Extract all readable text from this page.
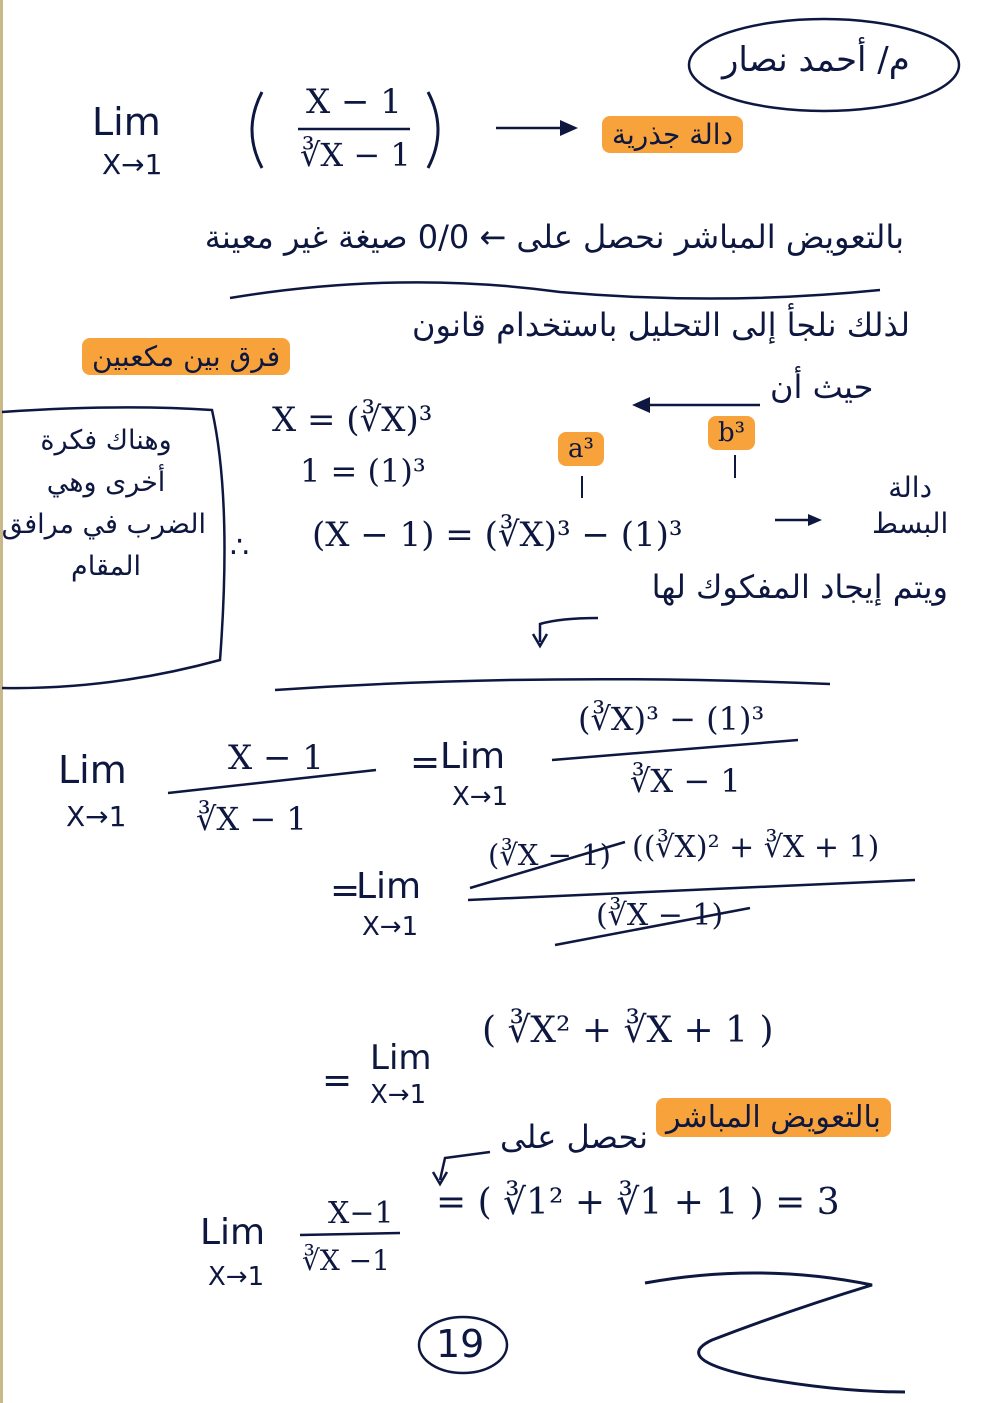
م/ أحمد نصار
Lim
X→1
X − 1
∛X − 1
دالة جذرية
بالتعويض المباشر نحصل على ← 0/0 صيغة غير معينة
لذلك نلجأ إلى التحليل باستخدام قانون
فرق بين مكعبين
حيث أن
وهناك فكرة
أخرى وهي
الضرب في مرافق
المقام
X = (∛X)³
1 = (1)³
(X − 1) = (∛X)³ − (1)³
∴
a³
b³
دالة
البسط
ويتم إيجاد المفكوك لها
Lim
X→1
X − 1
∛X − 1
= Lim
X→1
(∛X)³ − (1)³
∛X − 1
=
Lim
X→1
(∛X − 1) ((∛X)² + ∛X + 1)
(∛X − 1)
=
Lim
X→1
( ∛X² + ∛X + 1 )
بالتعويض المباشر
نحصل على
Lim
X→1
X−1
∛X −1
= ( ∛1² + ∛1 + 1 ) = 3
19
